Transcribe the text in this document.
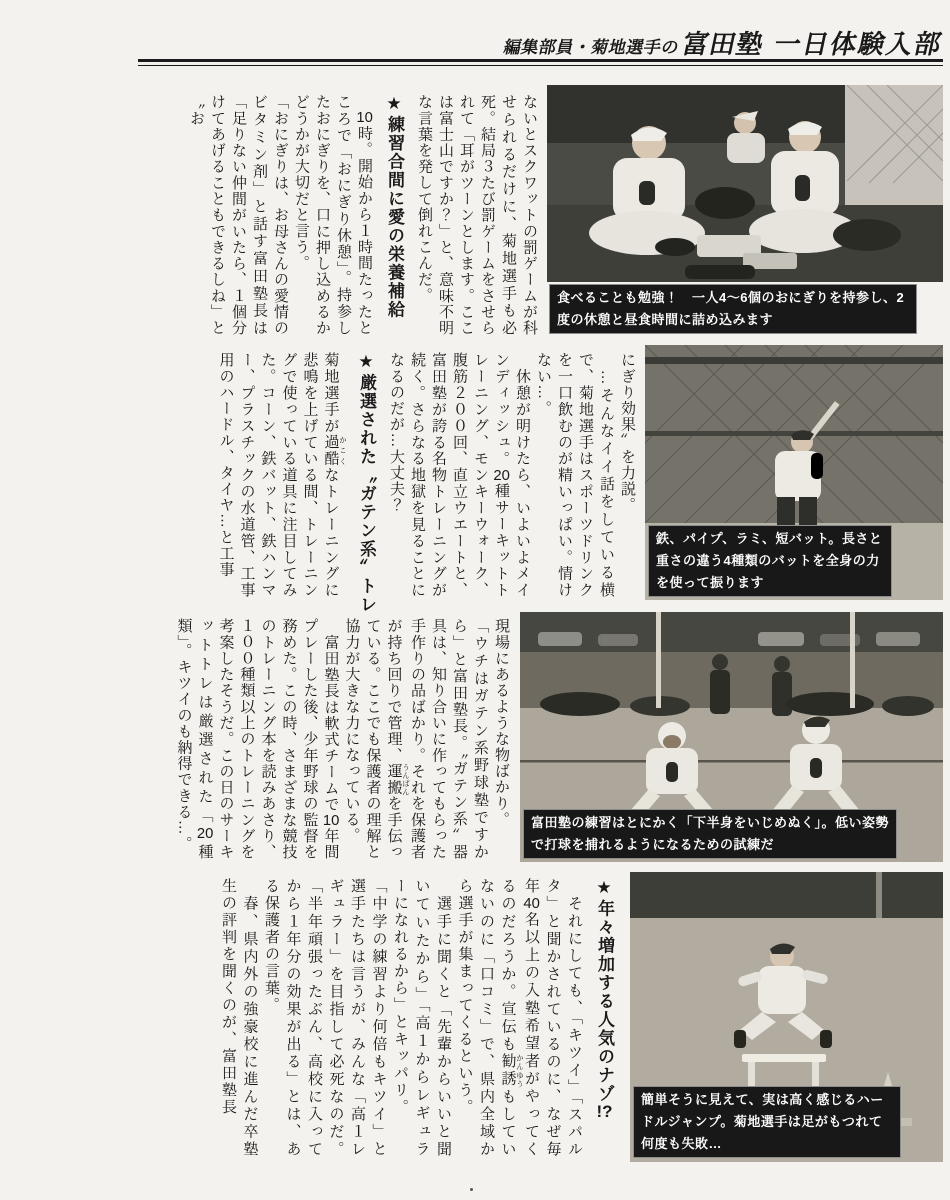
編集部員・菊地選手の
富田塾 一日体験入部
食べることも勉強！　一人4～6個のおにぎりを持参し、2度の休憩と昼食時間に詰め込みます
鉄、パイプ、ラミ、短バット。長さと重さの違う4種類のバットを全身の力を使って振ります
富田塾の練習はとにかく「下半身をいじめぬく」。低い姿勢で打球を捕れるようになるための試練だ
簡単そうに見えて、実は高く感じるハードルジャンプ。菊地選手は足がもつれて何度も失敗…

ないとスクワットの罰ゲームが科せられるだけに、菊地選手も必死。結局３たび罰ゲームをさせられて「耳がツーンとします。ここは富士山ですか？」と、意味不明な言葉を発して倒れこんだ。

★練習合間に愛の栄養補給

　10時。開始から１時間たったところで「おにぎり休憩」。持参したおにぎりを、口に押し込めるかどうかが大切だと言う。

「おにぎりは、お母さんの愛情のビタミン剤」と話す富田塾長は「足りない仲間がいたら、１個分けてあげることもできるしね」と〝お

にぎり効果〟を力説。

　…そんなイイ話をしている横で、菊地選手はスポーツドリンクを一口飲むのが精いっぱい。情けない…。

　休憩が明けたら、いよいよメインディッシュ。20種サーキットトレーニング、モンキーウォーク、腹筋２００回、直立ウエートと、富田塾が誇る名物トレーニングが続く。さらなる地獄を見ることになるのだが…大丈夫？

★厳選された〝ガテン系〟トレ

菊地選手が過酷 かこくなトレーニングに悲鳴を上げている間、トレーニングで使っている道具に注目してみた。コーン、鉄バット、鉄ハンマー、プラスチックの水道管、工事用のハードル、タイヤ…と工事

現場にあるような物ばかり。

「ウチはガテン系野球塾ですから」と富田塾長。〝ガテン系〟器具は、知り合いに作ってもらった手作りの品ばかり。それを保護者が持ち回りで管理、運搬 うんぱんを手伝っている。ここでも保護者の理解と協力が大きな力になっている。

　富田塾長は軟式チームで10年間プレーした後、少年野球の監督を務めた。この時、さまざまな競技のトレーニング本を読みあさり、１００種類以上のトレーニングを考案したそうだ。この日のサーキットトレは厳選された「20種類」。キツイのも納得できる…。

★年々増加する人気のナゾ!?

　それにしても、「キツイ」「スパルタ」と聞かされているのに、なぜ毎年40名以上の入塾希望者がやってくるのだろうか。宣伝も勧誘 かんゆうもしていないのに「口コミ」で、県内全域から選手が集まってくるという。

　選手に聞くと「先輩からいいと聞いていたから」「高１からレギュラーになれるから」とキッパリ。

「中学の練習より何倍もキツイ」と選手たちは言うが、みんな「高１レギュラー」を目指して必死なのだ。「半年頑張ったぶん、高校に入ってから１年分の効果が出る」とは、ある保護者の言葉。

　春、県内外の強豪校に進んだ卒塾生の評判を聞くのが、富田塾長
